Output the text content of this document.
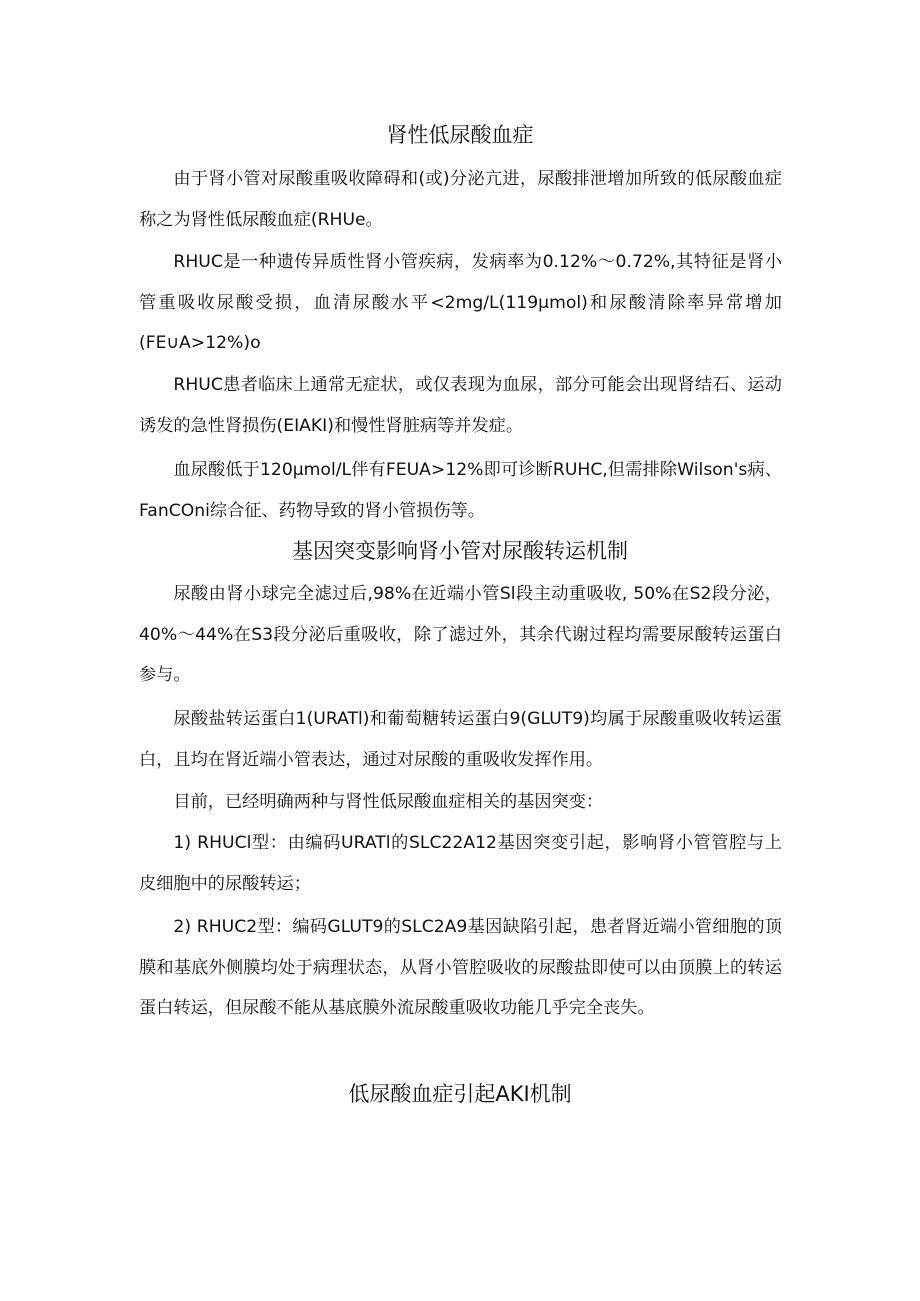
肾性低尿酸血症

由于肾小管对尿酸重吸收障碍和(或)分泌亢进，尿酸排泄增加所致的低尿酸血症称之为肾性低尿酸血症(RHUe。

RHUC是一种遗传异质性肾小管疾病，发病率为0.12%～0.72%,其特征是肾小管重吸收尿酸受损，血清尿酸水平<2mg∕L(119μmol)和尿酸清除率异常增加(FE∪A>12%)o

RHUC患者临床上通常无症状，或仅表现为血尿，部分可能会出现肾结石、运动诱发的急性肾损伤(EIAKI)和慢性肾脏病等并发症。

血尿酸低于120μmol/L伴有FEUA>12%即可诊断RUHC,但需排除Wilson's病、FanCOni综合征、药物导致的肾小管损伤等。

基因突变影响肾小管对尿酸转运机制

尿酸由肾小球完全滤过后,98%在近端小管Sl段主动重吸收, 50%在S2段分泌，40%～44%在S3段分泌后重吸收，除了滤过外，其余代谢过程均需要尿酸转运蛋白参与。

尿酸盐转运蛋白1(URATl)和葡萄糖转运蛋白9(GLUT9)均属于尿酸重吸收转运蛋白，且均在肾近端小管表达，通过对尿酸的重吸收发挥作用。

目前，已经明确两种与肾性低尿酸血症相关的基因突变：

1) RHUCl型：由编码URATl的SLC22A12基因突变引起，影响肾小管管腔与上皮细胞中的尿酸转运；

2) RHUC2型：编码GLUT9的SLC2A9基因缺陷引起，患者肾近端小管细胞的顶膜和基底外侧膜均处于病理状态，从肾小管腔吸收的尿酸盐即使可以由顶膜上的转运蛋白转运，但尿酸不能从基底膜外流尿酸重吸收功能几乎完全丧失。

低尿酸血症引起AKI机制
